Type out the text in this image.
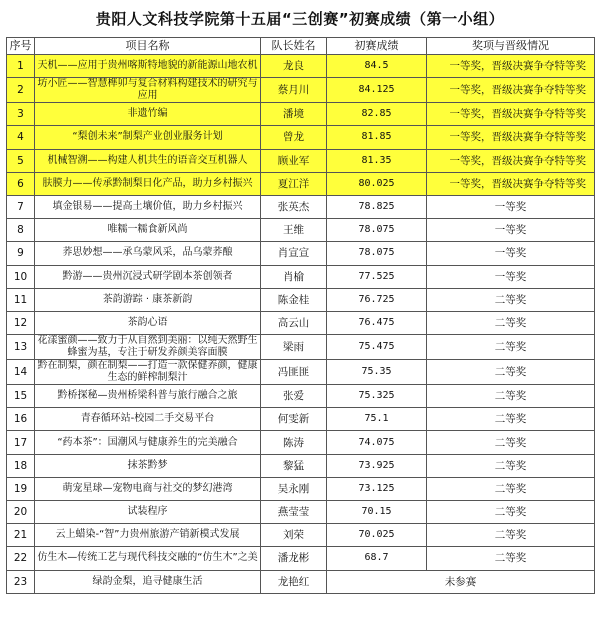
贵阳人文科技学院第十五届“三创赛”初赛成绩（第一小组）
序号	项目名称	队长姓名	初赛成绩	奖项与晋级情况
1	天机——应用于贵州喀斯特地貌的新能源山地农机	龙良	84.5	一等奖，晋级决赛争夺特等奖
2	坊小匠——智慧榫卯与复合材料构建技术的研究与应用	蔡月川	84.125	一等奖，晋级决赛争夺特等奖
3	非遗竹编	潘境	82.85	一等奖，晋级决赛争夺特等奖
4	“梨创未来”制梨产业创业服务计划	曾龙	81.85	一等奖，晋级决赛争夺特等奖
5	机械智溯——构建人机共生的语音交互机器人	顾业军	81.35	一等奖，晋级决赛争夺特等奖
6	肤膜力——传承黔制梨日化产品，助力乡村振兴	夏江洋	80.025	一等奖，晋级决赛争夺特等奖
7	填金银易——提高土壤价值，助力乡村振兴	张英杰	78.825	一等奖
8	唯糯一糯食新风尚	王维	78.075	一等奖
9	荞思妙想——承乌蒙风采，品乌蒙荞酿	肖宣宣	78.075	一等奖
10	黔游——贵州沉浸式研学剧本茶创领者	肖榆	77.525	一等奖
11	茶韵游踪 · 康茶新韵	陈金桂	76.725	二等奖
12	茶韵心语	高云山	76.475	二等奖
13	花漾蜜颜——致力于从自然到美丽：以纯天然野生蜂蜜为基，专注于研发养颜美容面膜	梁雨	75.475	二等奖
14	黔在制梨，颜在制梨——打造一款保健养颜，健康生态的鲜榨制梨汁	冯匪匪	75.35	二等奖
15	黔桥探秘—贵州桥梁科普与旅行融合之旅	张爱	75.325	二等奖
16	青春循环站-校园二手交易平台	何雯新	75.1	二等奖
17	“药本茶”：国潮风与健康养生的完美融合	陈涛	74.075	二等奖
18	抹茶黔梦	黎猛	73.925	二等奖
19	萌宠星球—宠物电商与社交的梦幻港湾	吴永刚	73.125	二等奖
20	试装程序	燕莹莹	70.15	二等奖
21	云上蜡染-“智”力贵州旅游产销新模式发展	刘荣	70.025	二等奖
22	仿生木—传统工艺与现代科技交融的“仿生木”之美	潘龙彬	68.7	二等奖
23	绿韵金梨，追寻健康生活	龙艳红	未参赛	
